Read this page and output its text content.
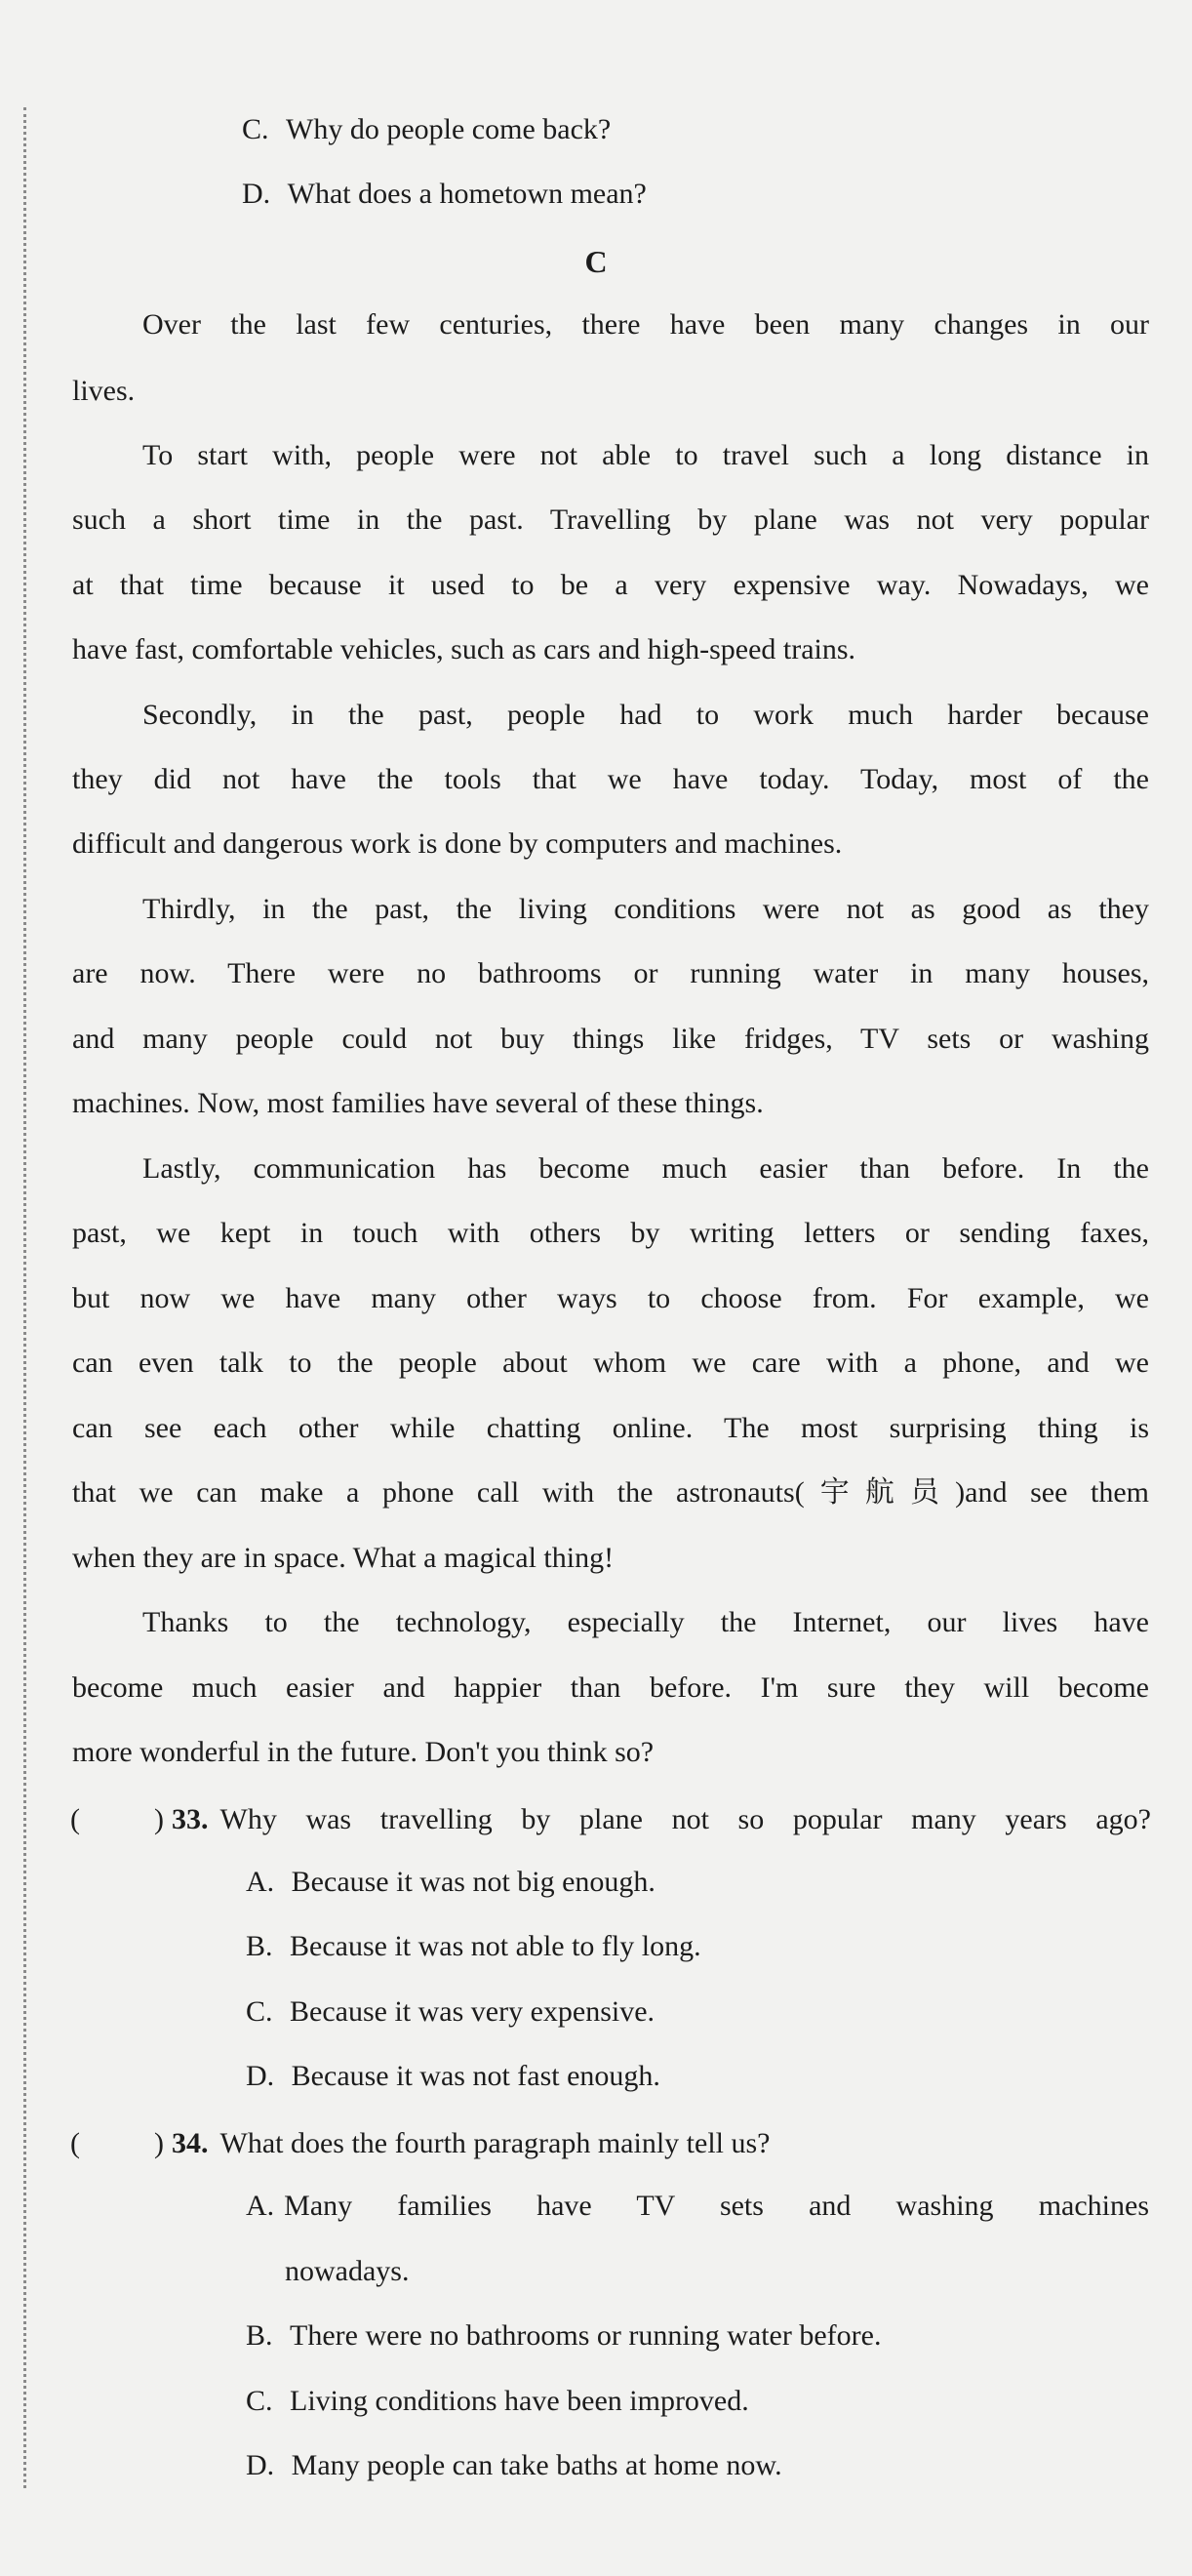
C. Why do people come back?
D. What does a hometown mean?
C
Over the last few centuries, there have been many changes in our
lives.
To start with, people were not able to travel such a long distance in
such a short time in the past. Travelling by plane was not very popular
at that time because it used to be a very expensive way. Nowadays, we
have fast, comfortable vehicles, such as cars and high-speed trains.
Secondly, in the past, people had to work much harder because
they did not have the tools that we have today. Today, most of the
difficult and dangerous work is done by computers and machines.
Thirdly, in the past, the living conditions were not as good as they
are now. There were no bathrooms or running water in many houses,
and many people could not buy things like fridges, TV sets or washing
machines. Now, most families have several of these things.
Lastly, communication has become much easier than before. In the
past, we kept in touch with others by writing letters or sending faxes,
but now we have many other ways to choose from. For example, we
can even talk to the people about whom we care with a phone, and we
can see each other while chatting online. The most surprising thing is
that we can make a phone call with the astronauts(宇航员)and see them
when they are in space. What a magical thing!
Thanks to the technology, especially the Internet, our lives have
become much easier and happier than before. I'm sure they will become
more wonderful in the future. Don't you think so?
(	) 33. Why was travelling by plane not so popular many years ago?
A. Because it was not big enough.
B. Because it was not able to fly long.
C. Because it was very expensive.
D. Because it was not fast enough.
(	) 34. What does the fourth paragraph mainly tell us?
A. Many families have TV sets and washing machines
nowadays.
B. There were no bathrooms or running water before.
C. Living conditions have been improved.
D. Many people can take baths at home now.
